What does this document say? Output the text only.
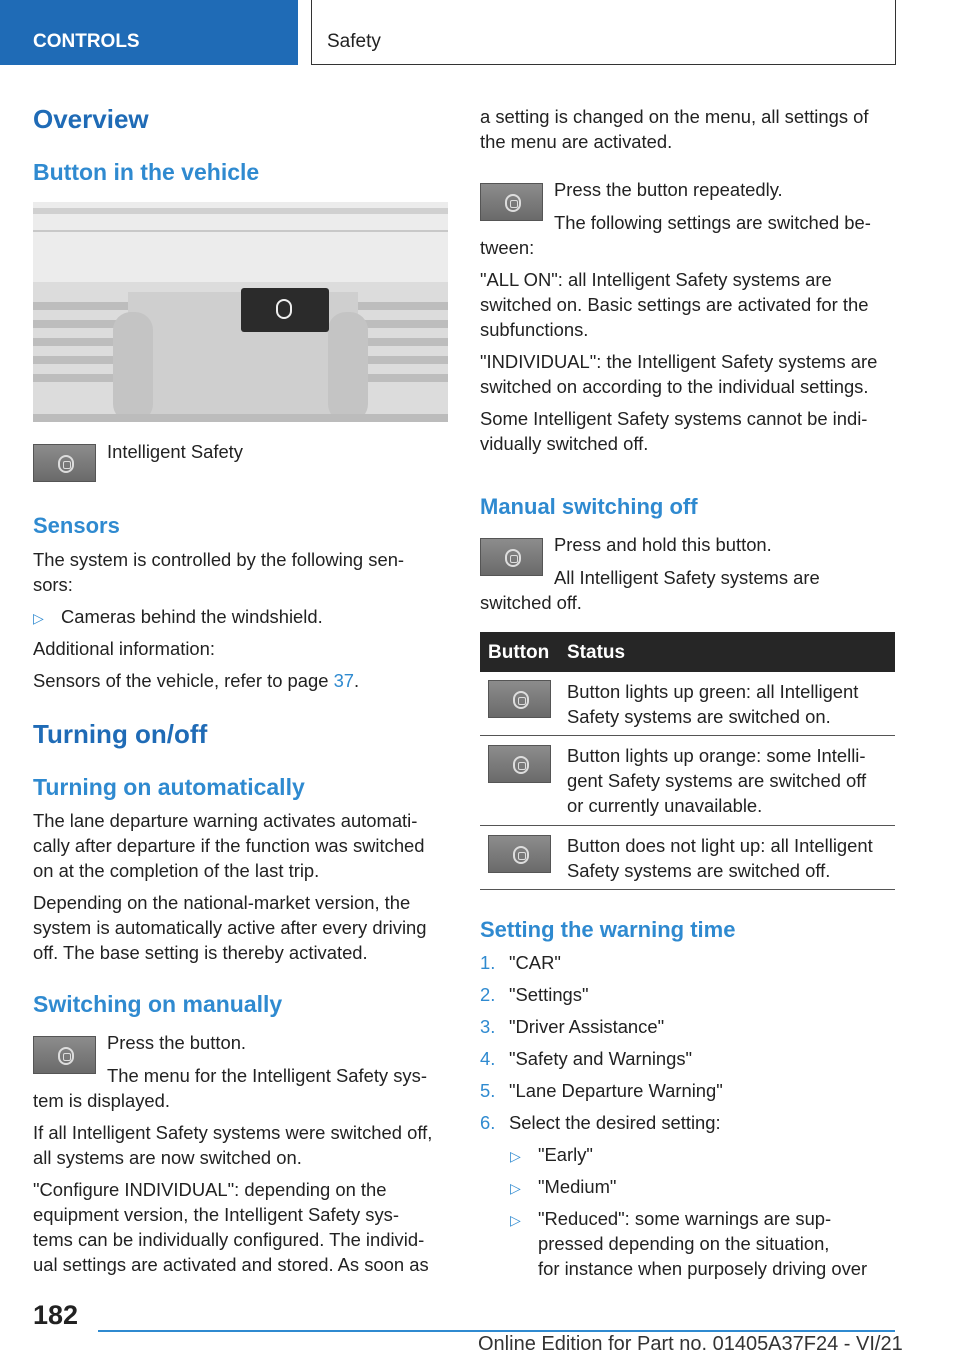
CONTROLS	Safety
Overview
Button in the vehicle
Intelligent Safety
Sensors
The system is controlled by the following sen-
sors:
▷ Cameras behind the windshield.
Additional information:
Sensors of the vehicle, refer to page 37.
Turning on/off
Turning on automatically
The lane departure warning activates automati-
cally after departure if the function was switched
on at the completion of the last trip.
Depending on the national-market version, the
system is automatically active after every driving
off. The base setting is thereby activated.
Switching on manually
Press the button.
The menu for the Intelligent Safety sys-
tem is displayed.
If all Intelligent Safety systems were switched off,
all systems are now switched on.
"Configure INDIVIDUAL": depending on the
equipment version, the Intelligent Safety sys-
tems can be individually configured. The individ-
ual settings are activated and stored. As soon as
a setting is changed on the menu, all settings of
the menu are activated.
Press the button repeatedly.
The following settings are switched be-
tween:
"ALL ON": all Intelligent Safety systems are
switched on. Basic settings are activated for the
subfunctions.
"INDIVIDUAL": the Intelligent Safety systems are
switched on according to the individual settings.
Some Intelligent Safety systems cannot be indi-
vidually switched off.
Manual switching off
Press and hold this button.
All Intelligent Safety systems are
switched off.
Button Status
Button lights up green: all Intelligent
Safety systems are switched on.
Button lights up orange: some Intelli-
gent Safety systems are switched off
or currently unavailable.
Button does not light up: all Intelligent
Safety systems are switched off.
Setting the warning time
1. "CAR"
2. "Settings"
3. "Driver Assistance"
4. "Safety and Warnings"
5. "Lane Departure Warning"
6. Select the desired setting:
▷ "Early"
▷ "Medium"
▷ "Reduced": some warnings are sup-
pressed depending on the situation,
for instance when purposely driving over
182
Online Edition for Part no. 01405A37F24 - VI/21
